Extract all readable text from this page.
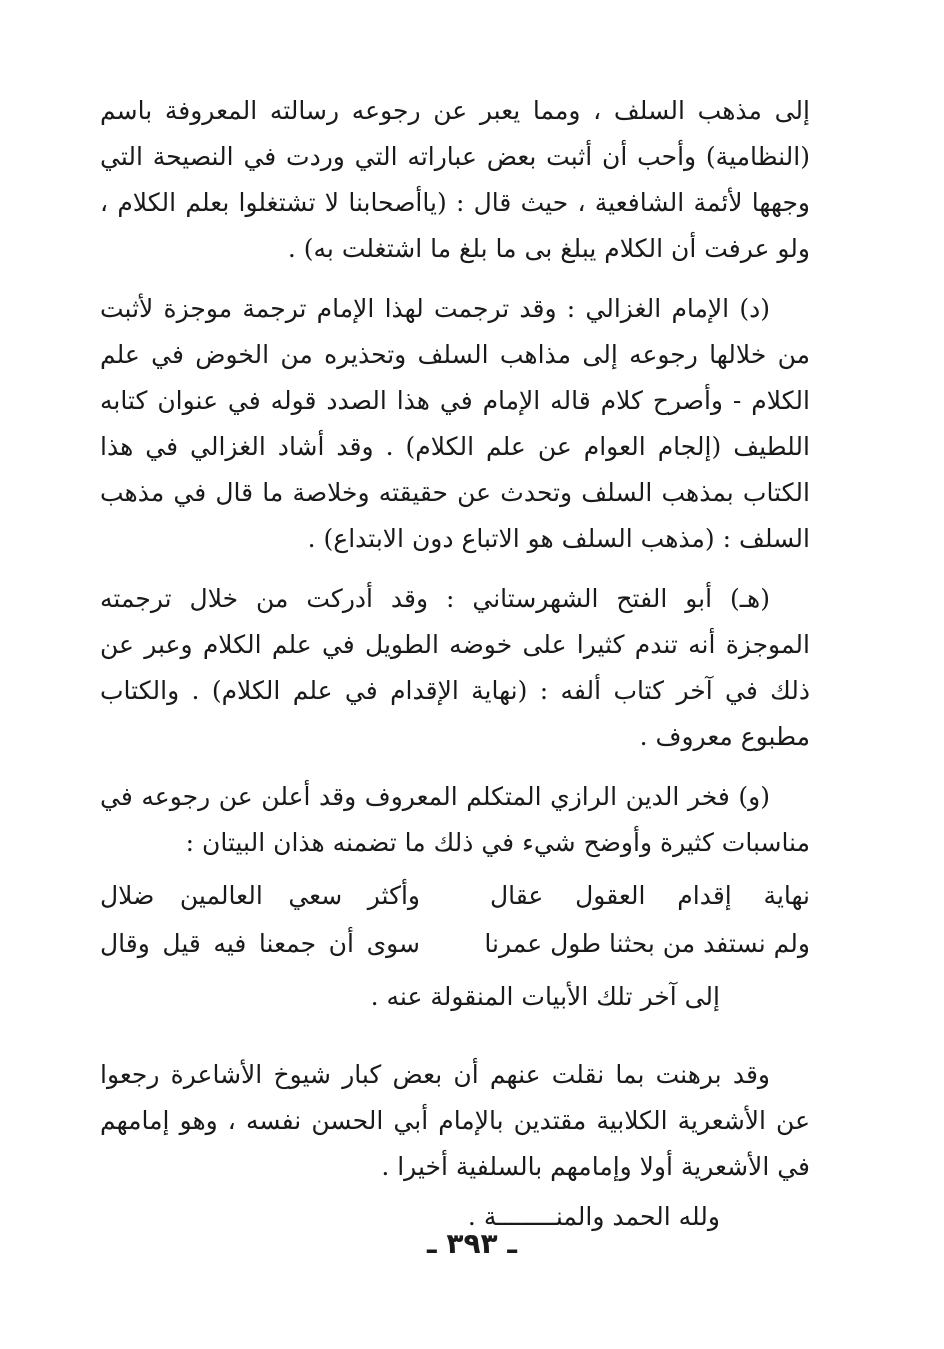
إلى مذهب السلف ، ومما يعبر عن رجوعه رسالته المعروفة باسم (النظامية) وأحب أن أثبت بعض عباراته التي وردت في النصيحة التي وجهها لأئمة الشافعية ، حيث قال : (ياأصحابنا لا تشتغلوا بعلم الكلام ، ولو عرفت أن الكلام يبلغ بى ما بلغ ما اشتغلت به) .

(د) الإمام الغزالي : وقد ترجمت لهذا الإمام ترجمة موجزة لأثبت من خلالها رجوعه إلى مذاهب السلف وتحذيره من الخوض في علم الكلام - وأصرح كلام قاله الإمام في هذا الصدد قوله في عنوان كتابه اللطيف (إلجام العوام عن علم الكلام) . وقد أشاد الغزالي في هذا الكتاب بمذهب السلف وتحدث عن حقيقته وخلاصة ما قال في مذهب السلف : (مذهب السلف هو الاتباع دون الابتداع) .

(هـ) أبو الفتح الشهرستاني : وقد أدركت من خلال ترجمته الموجزة أنه تندم كثيرا على خوضه الطويل في علم الكلام وعبر عن ذلك في آخر كتاب ألفه : (نهاية الإقدام في علم الكلام) . والكتاب مطبوع معروف .

(و) فخر الدين الرازي المتكلم المعروف وقد أعلن عن رجوعه في مناسبات كثيرة وأوضح شيء في ذلك ما تضمنه هذان البيتان :

نهاية إقدام العقول عقال
وأكثر سعي العالمين ضلال
ولم نستفد من بحثنا طول عمرنا
سوى أن جمعنا فيه قيل وقال
إلى آخر تلك الأبيات المنقولة عنه .

وقد برهنت بما نقلت عنهم أن بعض كبار شيوخ الأشاعرة رجعوا عن الأشعرية الكلابية مقتدين بالإمام أبي الحسن نفسه ، وهو إمامهم في الأشعرية أولا وإمامهم بالسلفية أخيرا .

ولله الحمد والمنــــــــة .
ـ ٣٩٣ ـ
